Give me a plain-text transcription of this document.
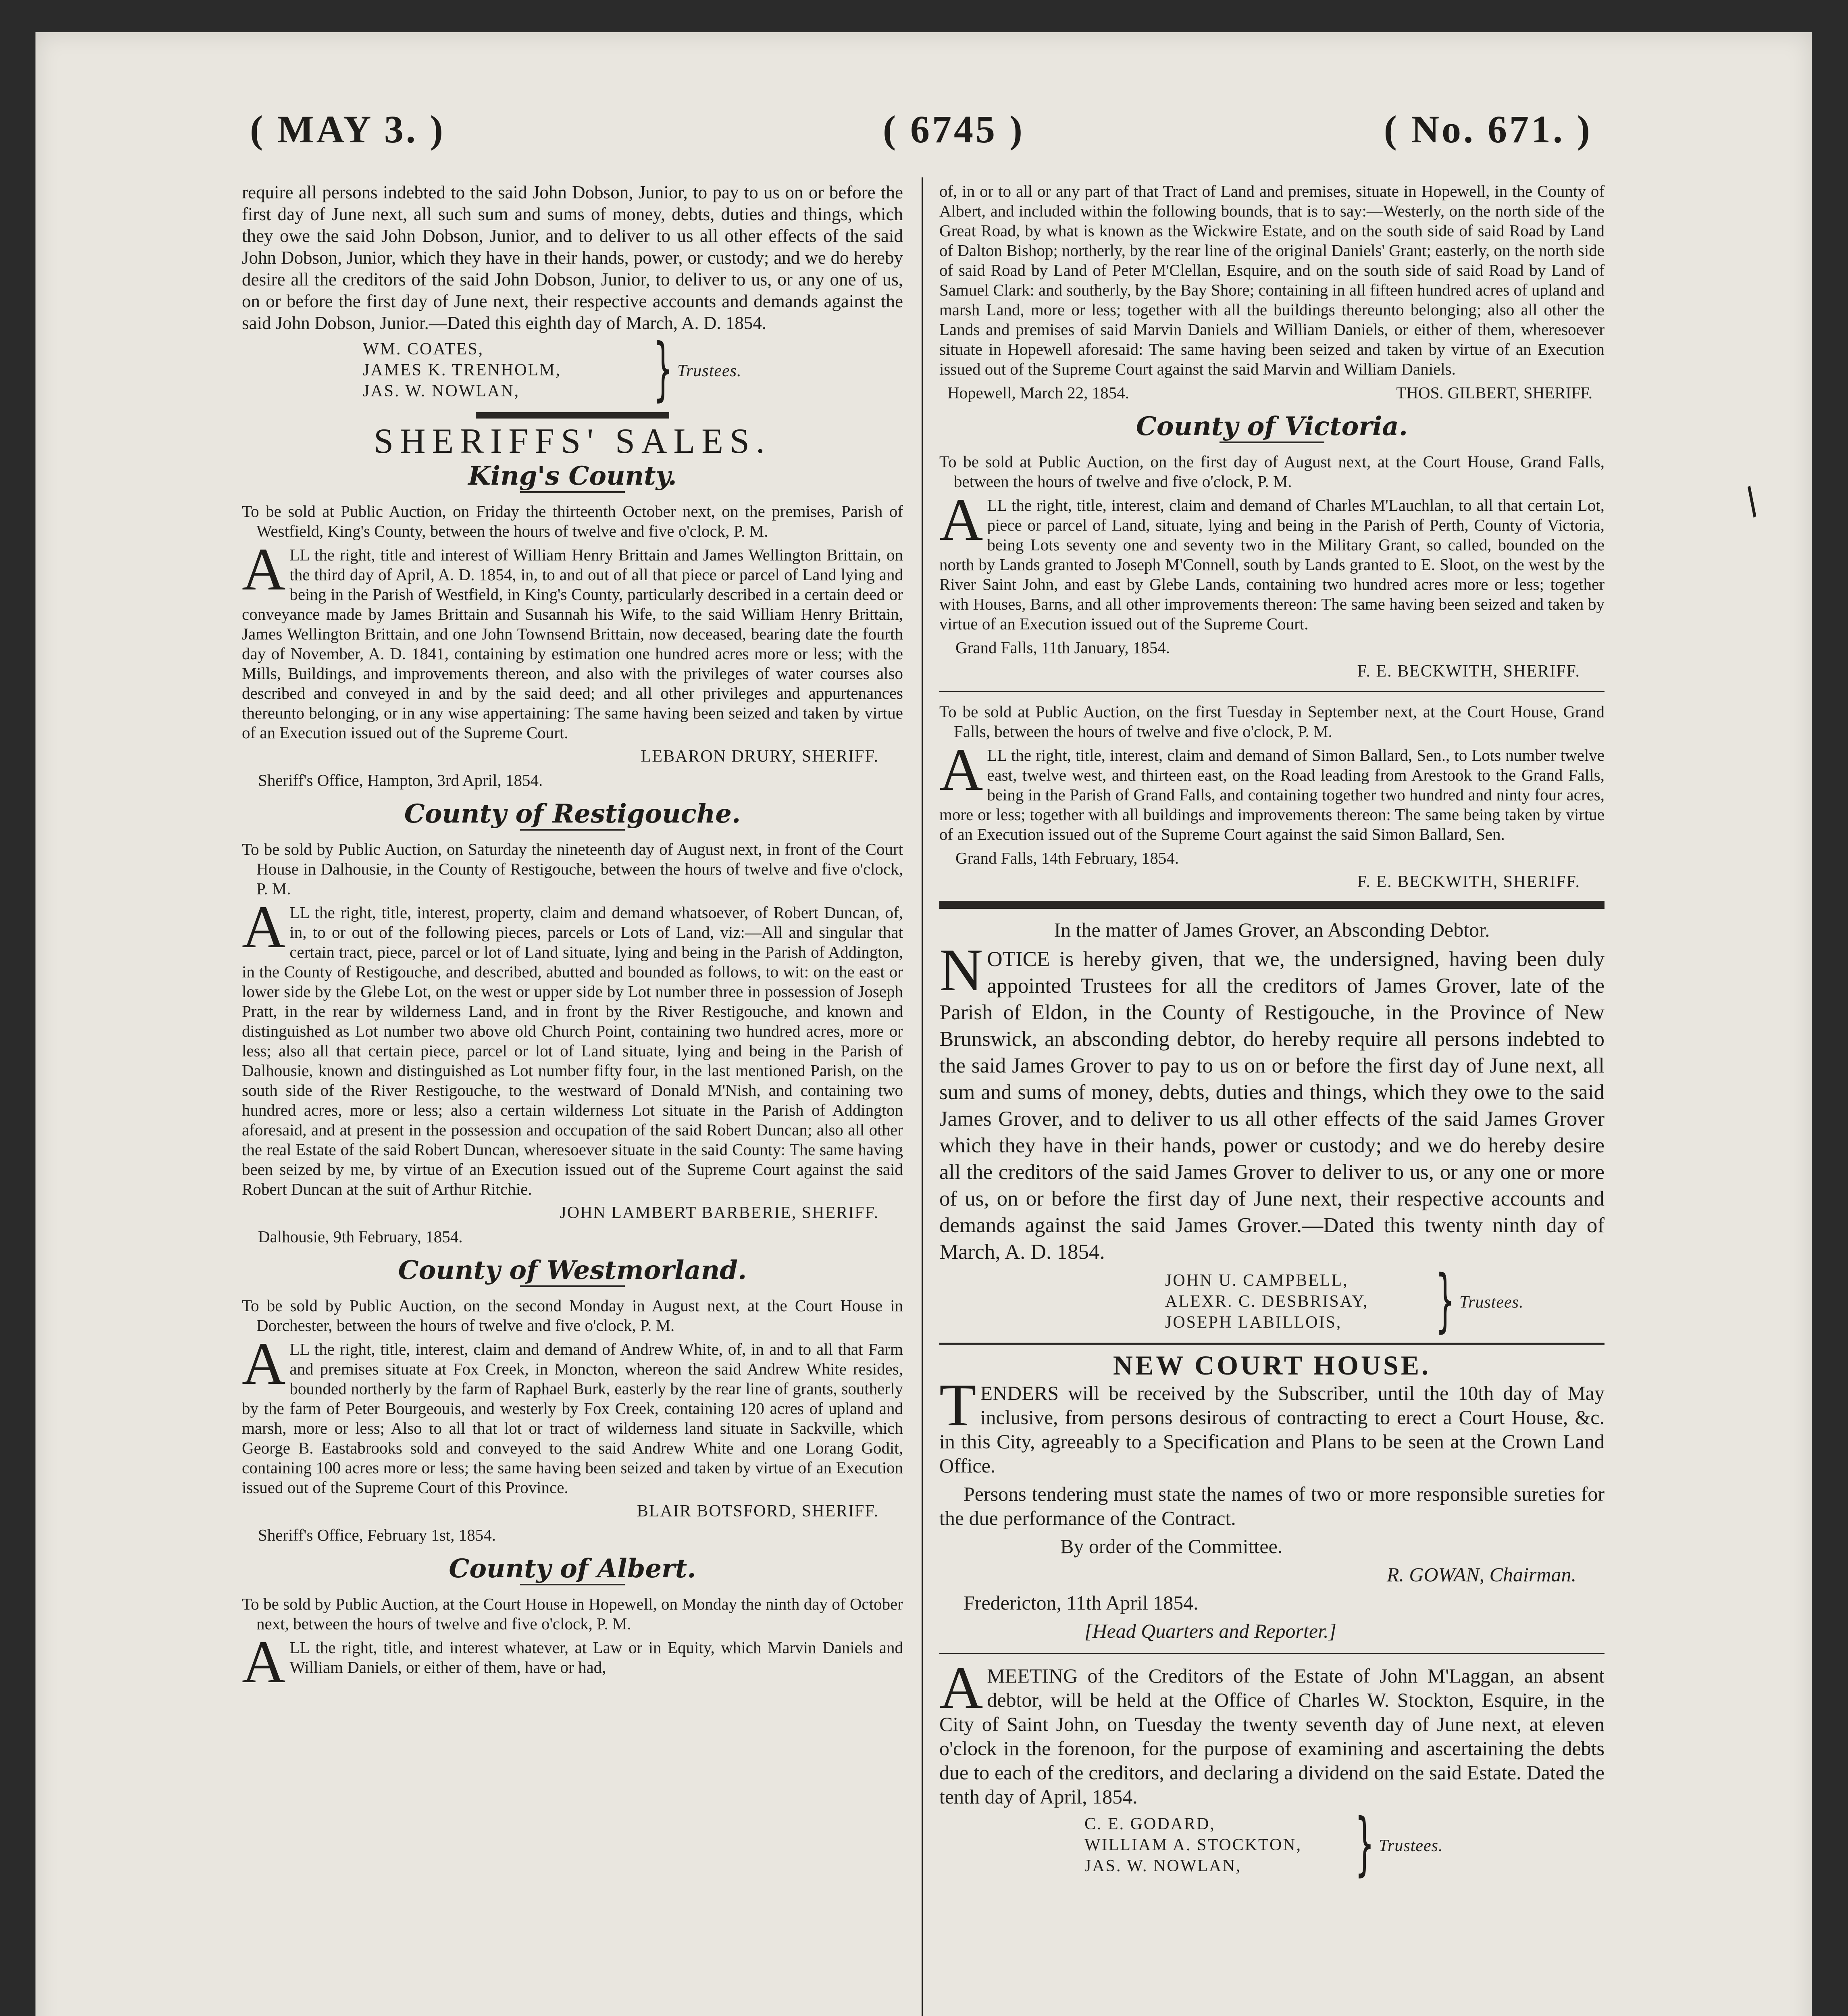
( MAY 3. )	( 6745 )	( No. 671. )

require all persons indebted to the said John Dobson, Junior, to pay to us on or before the first day of June next, all such sum and sums of money, debts, duties and things, which they owe the said John Dobson, Junior, and to deliver to us all other effects of the said John Dobson, Junior, which they have in their hands, power, or custody; and we do hereby desire all the creditors of the said John Dobson, Junior, to deliver to us, or any one of us, on or before the first day of June next, their respective accounts and demands against the said John Dobson, Junior.—Dated this eighth day of March, A. D. 1854.

WM. COATES,
JAMES K. TRENHOLM,
JAS. W. NOWLAN,	} Trustees.
SHERIFFS' SALES.
King's County.

To be sold at Public Auction, on Friday the thirteenth October next, on the premises, Parish of Westfield, King's County, between the hours of twelve and five o'clock, P. M.

ALL the right, title and interest of William Henry Brittain and James Wellington Brittain, on the third day of April, A. D. 1854, in, to and out of all that piece or parcel of Land lying and being in the Parish of Westfield, in King's County, particularly described in a certain deed or conveyance made by James Brittain and Susannah his Wife, to the said William Henry Brittain, James Wellington Brittain, and one John Townsend Brittain, now deceased, bearing date the fourth day of November, A. D. 1841, containing by estimation one hundred acres more or less; with the Mills, Buildings, and improvements thereon, and also with the privileges of water courses also described and conveyed in and by the said deed; and all other privileges and appurtenances thereunto belonging, or in any wise appertaining: The same having been seized and taken by virtue of an Execution issued out of the Supreme Court.

LEBARON DRURY, SHERIFF.

Sheriff's Office, Hampton, 3rd April, 1854.

County of Restigouche.

To be sold by Public Auction, on Saturday the nineteenth day of August next, in front of the Court House in Dalhousie, in the County of Restigouche, between the hours of twelve and five o'clock, P. M.

ALL the right, title, interest, property, claim and demand whatsoever, of Robert Duncan, of, in, to or out of the following pieces, parcels or Lots of Land, viz:—All and singular that certain tract, piece, parcel or lot of Land situate, lying and being in the Parish of Addington, in the County of Restigouche, and described, abutted and bounded as follows, to wit: on the east or lower side by the Glebe Lot, on the west or upper side by Lot number three in possession of Joseph Pratt, in the rear by wilderness Land, and in front by the River Restigouche, and known and distinguished as Lot number two above old Church Point, containing two hundred acres, more or less; also all that certain piece, parcel or lot of Land situate, lying and being in the Parish of Dalhousie, known and distinguished as Lot number fifty four, in the last mentioned Parish, on the south side of the River Restigouche, to the westward of Donald M'Nish, and containing two hundred acres, more or less; also a certain wilderness Lot situate in the Parish of Addington aforesaid, and at present in the possession and occupation of the said Robert Duncan; also all other the real Estate of the said Robert Duncan, wheresoever situate in the said County: The same having been seized by me, by virtue of an Execution issued out of the Supreme Court against the said Robert Duncan at the suit of Arthur Ritchie.

JOHN LAMBERT BARBERIE, SHERIFF.

Dalhousie, 9th February, 1854.

County of Westmorland.

To be sold by Public Auction, on the second Monday in August next, at the Court House in Dorchester, between the hours of twelve and five o'clock, P. M.

ALL the right, title, interest, claim and demand of Andrew White, of, in and to all that Farm and premises situate at Fox Creek, in Moncton, whereon the said Andrew White resides, bounded northerly by the farm of Raphael Burk, easterly by the rear line of grants, southerly by the farm of Peter Bourgeouis, and westerly by Fox Creek, containing 120 acres of upland and marsh, more or less; Also to all that lot or tract of wilderness land situate in Sackville, which George B. Eastabrooks sold and conveyed to the said Andrew White and one Lorang Godit, containing 100 acres more or less; the same having been seized and taken by virtue of an Execution issued out of the Supreme Court of this Province.

BLAIR BOTSFORD, SHERIFF.

Sheriff's Office, February 1st, 1854.

County of Albert.

To be sold by Public Auction, at the Court House in Hopewell, on Monday the ninth day of October next, between the hours of twelve and five o'clock, P. M.

ALL the right, title, and interest whatever, at Law or in Equity, which Marvin Daniels and William Daniels, or either of them, have or had,

of, in or to all or any part of that Tract of Land and premises, situate in Hopewell, in the County of Albert, and included within the following bounds, that is to say:—Westerly, on the north side of the Great Road, by what is known as the Wickwire Estate, and on the south side of said Road by Land of Dalton Bishop; northerly, by the rear line of the original Daniels' Grant; easterly, on the north side of said Road by Land of Peter M'Clellan, Esquire, and on the south side of said Road by Land of Samuel Clark: and southerly, by the Bay Shore; containing in all fifteen hundred acres of upland and marsh Land, more or less; together with all the buildings thereunto belonging; also all other the Lands and premises of said Marvin Daniels and William Daniels, or either of them, wheresoever situate in Hopewell aforesaid: The same having been seized and taken by virtue of an Execution issued out of the Supreme Court against the said Marvin and William Daniels.

Hopewell, March 22, 1854.	THOS. GILBERT, SHERIFF.

County of Victoria.

To be sold at Public Auction, on the first day of August next, at the Court House, Grand Falls, between the hours of twelve and five o'clock, P. M.

ALL the right, title, interest, claim and demand of Charles M'Lauchlan, to all that certain Lot, piece or parcel of Land, situate, lying and being in the Parish of Perth, County of Victoria, being Lots seventy one and seventy two in the Military Grant, so called, bounded on the north by Lands granted to Joseph M'Connell, south by Lands granted to E. Sloot, on the west by the River Saint John, and east by Glebe Lands, containing two hundred acres more or less; together with Houses, Barns, and all other improvements thereon: The same having been seized and taken by virtue of an Execution issued out of the Supreme Court.

Grand Falls, 11th January, 1854.

F. E. BECKWITH, SHERIFF.

To be sold at Public Auction, on the first Tuesday in September next, at the Court House, Grand Falls, between the hours of twelve and five o'clock, P. M.

ALL the right, title, interest, claim and demand of Simon Ballard, Sen., to Lots number twelve east, twelve west, and thirteen east, on the Road leading from Arestook to the Grand Falls, being in the Parish of Grand Falls, and containing together two hundred and ninty four acres, more or less; together with all buildings and improvements thereon: The same being taken by virtue of an Execution issued out of the Supreme Court against the said Simon Ballard, Sen.

Grand Falls, 14th February, 1854.

F. E. BECKWITH, SHERIFF.

In the matter of James Grover, an Absconding Debtor.

NOTICE is hereby given, that we, the undersigned, having been duly appointed Trustees for all the creditors of James Grover, late of the Parish of Eldon, in the County of Restigouche, in the Province of New Brunswick, an absconding debtor, do hereby require all persons indebted to the said James Grover to pay to us on or before the first day of June next, all sum and sums of money, debts, duties and things, which they owe to the said James Grover, and to deliver to us all other effects of the said James Grover which they have in their hands, power or custody; and we do hereby desire all the creditors of the said James Grover to deliver to us, or any one or more of us, on or before the first day of June next, their respective accounts and demands against the said James Grover.—Dated this twenty ninth day of March, A. D. 1854.

JOHN U. CAMPBELL,
ALEXR. C. DESBRISAY,
JOSEPH LABILLOIS,	} Trustees.
NEW COURT HOUSE.

TENDERS will be received by the Subscriber, until the 10th day of May inclusive, from persons desirous of contracting to erect a Court House, &c. in this City, agreeably to a Specification and Plans to be seen at the Crown Land Office.

Persons tendering must state the names of two or more responsible sureties for the due performance of the Contract.

By order of the Committee.

R. GOWAN, Chairman.

Fredericton, 11th April 1854.

[Head Quarters and Reporter.]

AMEETING of the Creditors of the Estate of John M'Laggan, an absent debtor, will be held at the Office of Charles W. Stockton, Esquire, in the City of Saint John, on Tuesday the twenty seventh day of June next, at eleven o'clock in the forenoon, for the purpose of examining and ascertaining the debts due to each of the creditors, and declaring a dividend on the said Estate. Dated the tenth day of April, 1854.

C. E. GODARD,
WILLIAM A. STOCKTON,
JAS. W. NOWLAN,	} Trustees.
/
